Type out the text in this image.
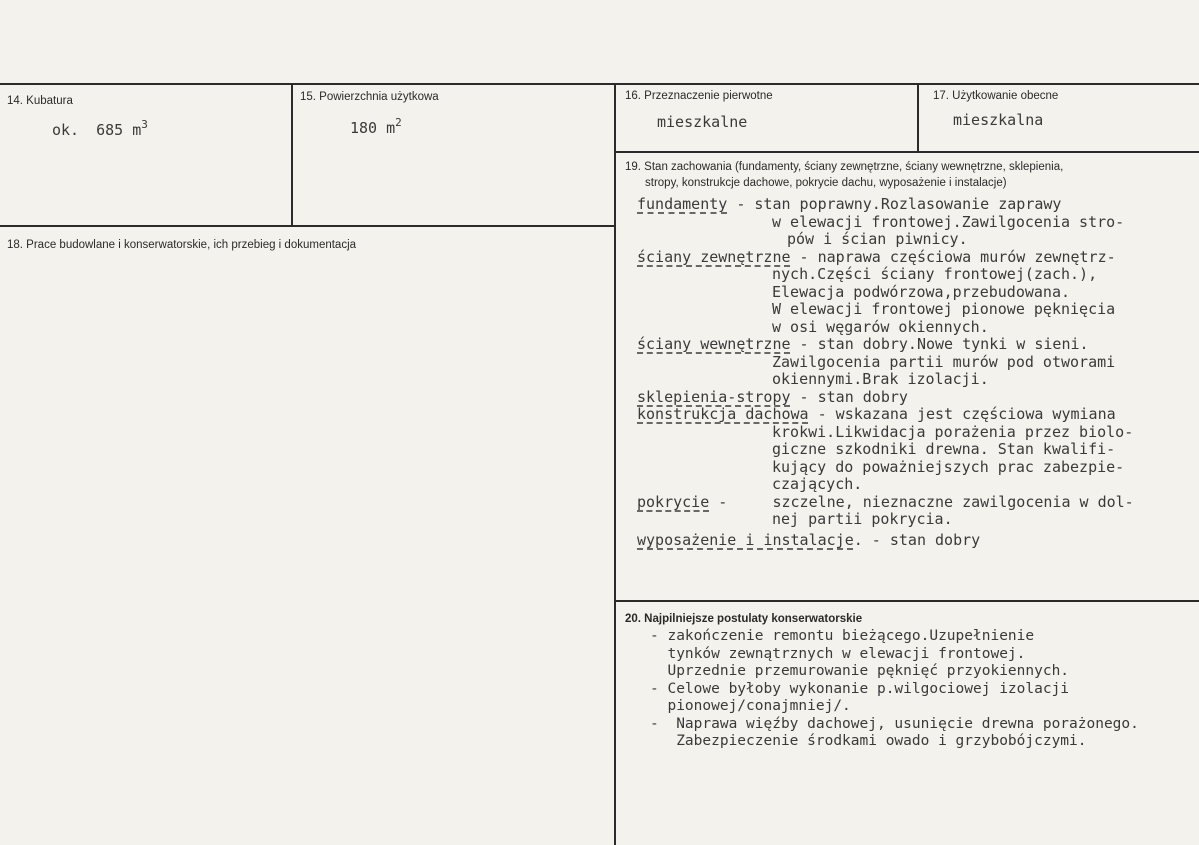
14. Kubatura
ok. 685 $m^3$
15. Powierzchnia użytkowa
180 $m^2$
16. Przeznaczenie pierwotne
mieszkalne
17. Użytkowanie obecne
mieszkalna
18. Prace budowlane i konserwatorskie, ich przebieg i dokumentacja
19. Stan zachowania (fundamenty, ściany zewnętrzne, ściany wewnętrzne, sklepienia,
stropy, konstrukcje dachowe, pokrycie dachu, wyposażenie i instalacje)
fundamenty - stan poprawny.Rozlasowanie zaprawy
w elewacji frontowej.Zawilgocenia stro-
pów i ścian piwnicy.
ściany zewnętrzne - naprawa częściowa murów zewnętrz-
nych.Części ściany frontowej(zach.),
Elewacja podwórzowa,przebudowana.
W elewacji frontowej pionowe pęknięcia
w osi węgarów okiennych.
ściany wewnętrzne - stan dobry.Nowe tynki w sieni.
Zawilgocenia partii murów pod otworami
okiennymi.Brak izolacji.
sklepienia-stropy - stan dobry
konstrukcja dachowa - wskazana jest częściowa wymiana
krokwi.Likwidacja porażenia przez biolo-
giczne szkodniki drewna. Stan kwalifi-
kujący do poważniejszych prac zabezpie-
czających.
pokrycie -     szczelne, nieznaczne zawilgocenia w dol-
nej partii pokrycia.
wyposażenie i instalacje. - stan dobry
20. Najpilniejsze postulaty konserwatorskie
- zakończenie remontu bieżącego.Uzupełnienie
tynków zewnątrznych w elewacji frontowej.
Uprzednie przemurowanie pęknięć przyokiennych.
- Celowe byłoby wykonanie p.wilgociowej izolacji
pionowej/conajmniej/.
-  Naprawa więźby dachowej, usunięcie drewna porażonego.
Zabezpieczenie środkami owado i grzybobójczymi.
